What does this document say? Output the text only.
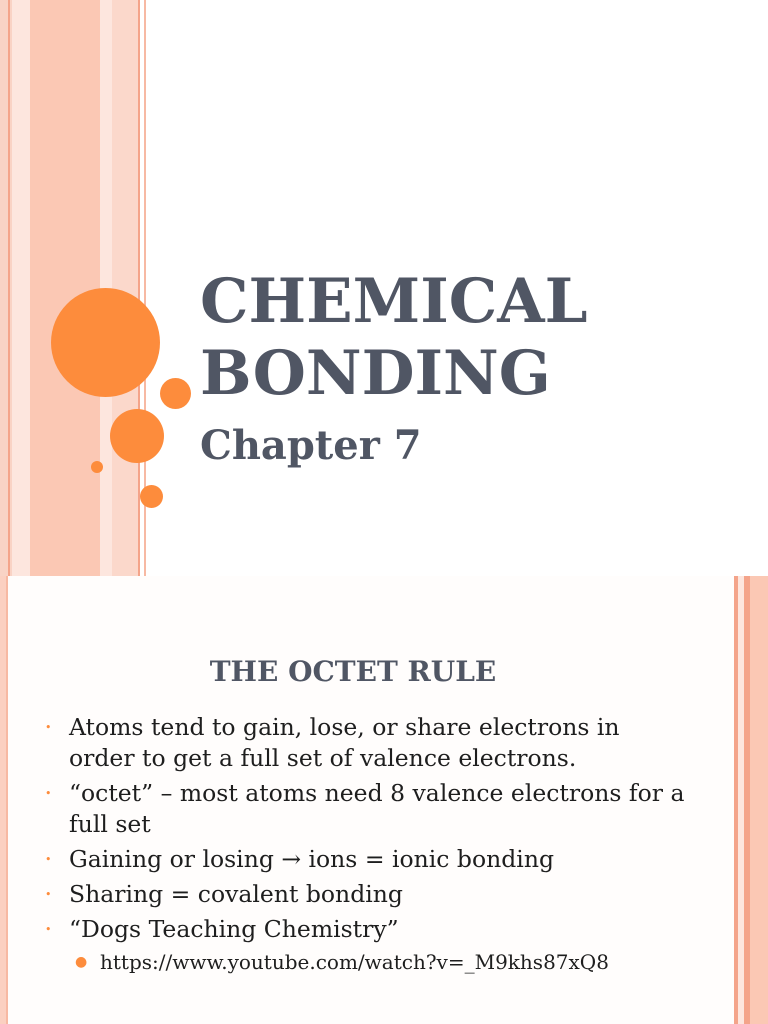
CHEMICAL
BONDING
Chapter 7
THE OCTET RULE
• Atoms tend to gain, lose, or share electrons in order to get a full set of valence electrons.
• “octet” – most atoms need 8 valence electrons for a full set
• Gaining or losing → ions = ionic bonding
• Sharing = covalent bonding
• “Dogs Teaching Chemistry”
● https://www.youtube.com/watch?v=_M9khs87xQ8
